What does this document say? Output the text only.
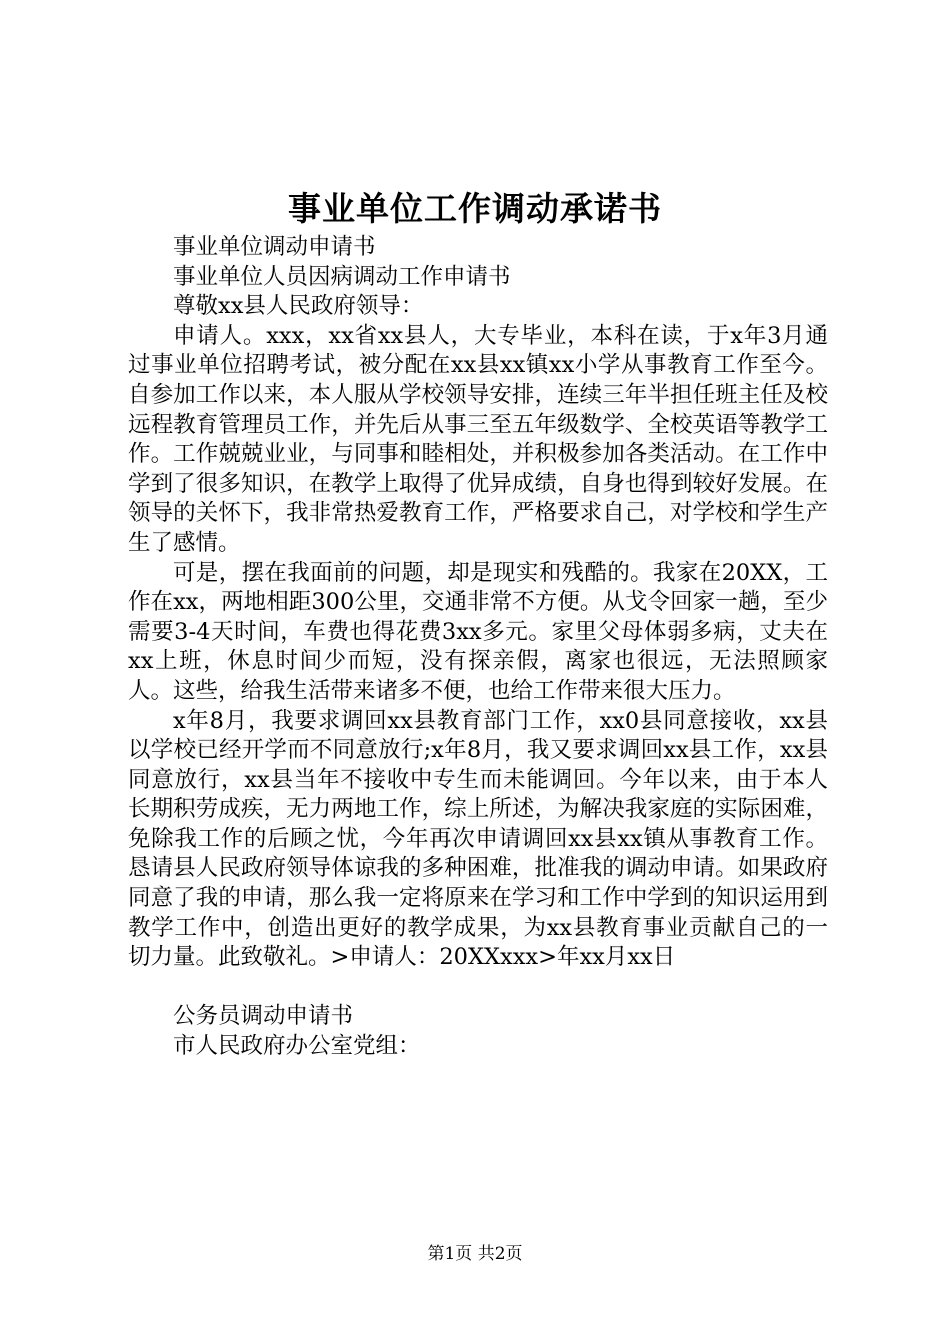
事业单位工作调动承诺书

事业单位调动申请书

事业单位人员因病调动工作申请书

尊敬xx县人民政府领导：

申请人。xxx，xx省xx县人，大专毕业，本科在读，于x年3月通过事业单位招聘考试，被分配在xx县xx镇xx小学从事教育工作至今。自参加工作以来，本人服从学校领导安排，连续三年半担任班主任及校远程教育管理员工作，并先后从事三至五年级数学、全校英语等教学工作。工作兢兢业业，与同事和睦相处，并积极参加各类活动。在工作中学到了很多知识，在教学上取得了优异成绩，自身也得到较好发展。在领导的关怀下，我非常热爱教育工作，严格要求自己，对学校和学生产生了感情。

可是，摆在我面前的问题，却是现实和残酷的。我家在20XX，工作在xx，两地相距300公里，交通非常不方便。从戈令回家一趟，至少需要3-4天时间，车费也得花费3xx多元。家里父母体弱多病，丈夫在xx上班，休息时间少而短，没有探亲假，离家也很远，无法照顾家人。这些，给我生活带来诸多不便，也给工作带来很大压力。

x年8月，我要求调回xx县教育部门工作，xx0县同意接收，xx县以学校已经开学而不同意放行;x年8月，我又要求调回xx县工作，xx县同意放行，xx县当年不接收中专生而未能调回。今年以来，由于本人长期积劳成疾，无力两地工作，综上所述，为解决我家庭的实际困难，免除我工作的后顾之忧，今年再次申请调回xx县xx镇从事教育工作。恳请县人民政府领导体谅我的多种困难，批准我的调动申请。如果政府同意了我的申请，那么我一定将原来在学习和工作中学到的知识运用到教学工作中，创造出更好的教学成果，为xx县教育事业贡献自己的一切力量。此致敬礼。>申请人：20XXxxx>年xx月xx日

公务员调动申请书

市人民政府办公室党组：

第1页 共2页
